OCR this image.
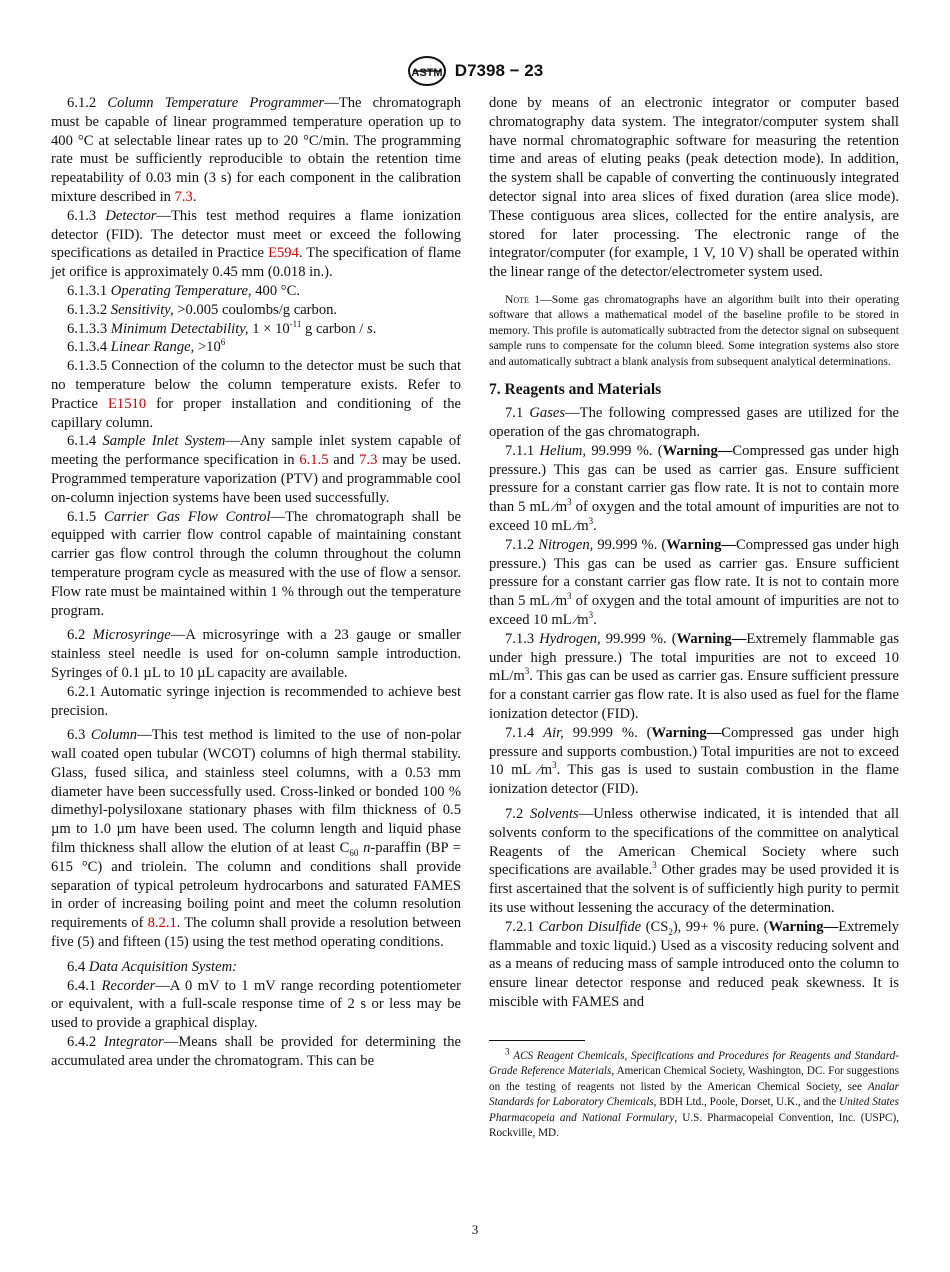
ASTM D7398 − 23

6.1.2 Column Temperature Programmer—The chromatograph must be capable of linear programmed temperature operation up to 400 °C at selectable linear rates up to 20 °C/min. The programming rate must be sufficiently reproducible to obtain the retention time repeatability of 0.03 min (3 s) for each component in the calibration mixture described in 7.3.

6.1.3 Detector—This test method requires a flame ionization detector (FID). The detector must meet or exceed the following specifications as detailed in Practice E594. The specification of flame jet orifice is approximately 0.45 mm (0.018 in.).

6.1.3.1 Operating Temperature, 400 °C.

6.1.3.2 Sensitivity, >0.005 coulombs/g carbon.

6.1.3.3 Minimum Detectability, $1 \times 10^{-11}$ g carbon / s.

6.1.3.4 Linear Range, $>10^6$

6.1.3.5 Connection of the column to the detector must be such that no temperature below the column temperature exists. Refer to Practice E1510 for proper installation and conditioning of the capillary column.

6.1.4 Sample Inlet System—Any sample inlet system capable of meeting the performance specification in 6.1.5 and 7.3 may be used. Programmed temperature vaporization (PTV) and programmable cool on-column injection systems have been used successfully.

6.1.5 Carrier Gas Flow Control—The chromatograph shall be equipped with carrier flow control capable of maintaining constant carrier gas flow control through the column throughout the column temperature program cycle as measured with the use of flow a sensor. Flow rate must be maintained within 1 % through out the temperature program.

6.2 Microsyringe—A microsyringe with a 23 gauge or smaller stainless steel needle is used for on-column sample introduction. Syringes of 0.1 µL to 10 µL capacity are available.

6.2.1 Automatic syringe injection is recommended to achieve best precision.

6.3 Column—This test method is limited to the use of non-polar wall coated open tubular (WCOT) columns of high thermal stability. Glass, fused silica, and stainless steel columns, with a 0.53 mm diameter have been successfully used. Cross-linked or bonded 100 % dimethyl-polysiloxane stationary phases with film thickness of 0.5 µm to 1.0 µm have been used. The column length and liquid phase film thickness shall allow the elution of at least $C_{60}$ n-paraffin (BP = 615 °C) and triolein. The column and conditions shall provide separation of typical petroleum hydrocarbons and saturated FAMES in order of increasing boiling point and meet the column resolution requirements of 8.2.1. The column shall provide a resolution between five (5) and fifteen (15) using the test method operating conditions.

6.4 Data Acquisition System:

6.4.1 Recorder—A 0 mV to 1 mV range recording potentiometer or equivalent, with a full-scale response time of 2 s or less may be used to provide a graphical display.

6.4.2 Integrator—Means shall be provided for determining the accumulated area under the chromatogram. This can be

done by means of an electronic integrator or computer based chromatography data system. The integrator/computer system shall have normal chromatographic software for measuring the retention time and areas of eluting peaks (peak detection mode). In addition, the system shall be capable of converting the continuously integrated detector signal into area slices of fixed duration (area slice mode). These contiguous area slices, collected for the entire analysis, are stored for later processing. The electronic range of the integrator/computer (for example, 1 V, 10 V) shall be operated within the linear range of the detector/electrometer system used.

Note 1—Some gas chromatographs have an algorithm built into their operating software that allows a mathematical model of the baseline profile to be stored in memory. This profile is automatically subtracted from the detector signal on subsequent sample runs to compensate for the column bleed. Some integration systems also store and automatically subtract a blank analysis from subsequent analytical determinations.

7. Reagents and Materials

7.1 Gases—The following compressed gases are utilized for the operation of the gas chromatograph.

7.1.1 Helium, 99.999 %. (Warning—Compressed gas under high pressure.) This gas can be used as carrier gas. Ensure sufficient pressure for a constant carrier gas flow rate. It is not to contain more than 5 mL $⁄m^3$ of oxygen and the total amount of impurities are not to exceed 10 mL $⁄m^3$.

7.1.2 Nitrogen, 99.999 %. (Warning—Compressed gas under high pressure.) This gas can be used as carrier gas. Ensure sufficient pressure for a constant carrier gas flow rate. It is not to contain more than 5 mL $⁄m^3$ of oxygen and the total amount of impurities are not to exceed 10 mL $⁄m^3$.

7.1.3 Hydrogen, 99.999 %. (Warning—Extremely flammable gas under high pressure.) The total impurities are not to exceed 10 $mL/m^3$. This gas can be used as carrier gas. Ensure sufficient pressure for a constant carrier gas flow rate. It is also used as fuel for the flame ionization detector (FID).

7.1.4 Air, 99.999 %. (Warning—Compressed gas under high pressure and supports combustion.) Total impurities are not to exceed 10 mL $⁄m^3$. This gas is used to sustain combustion in the flame ionization detector (FID).

7.2 Solvents—Unless otherwise indicated, it is intended that all solvents conform to the specifications of the committee on analytical Reagents of the American Chemical Society where such specifications are available.$^3$ Other grades may be used provided it is first ascertained that the solvent is of sufficiently high purity to permit its use without lessening the accuracy of the determination.

7.2.1 Carbon Disulfide $(CS_2)$, 99+ % pure. (Warning—Extremely flammable and toxic liquid.) Used as a viscosity reducing solvent and as a means of reducing mass of sample introduced onto the column to ensure linear detector response and reduced peak skewness. It is miscible with FAMES and

$^3$ ACS Reagent Chemicals, Specifications and Procedures for Reagents and Standard-Grade Reference Materials, American Chemical Society, Washington, DC. For suggestions on the testing of reagents not listed by the American Chemical Society, see Analar Standards for Laboratory Chemicals, BDH Ltd., Poole, Dorset, U.K., and the United States Pharmacopeia and National Formulary, U.S. Pharmacopeial Convention, Inc. (USPC), Rockville, MD.

3
